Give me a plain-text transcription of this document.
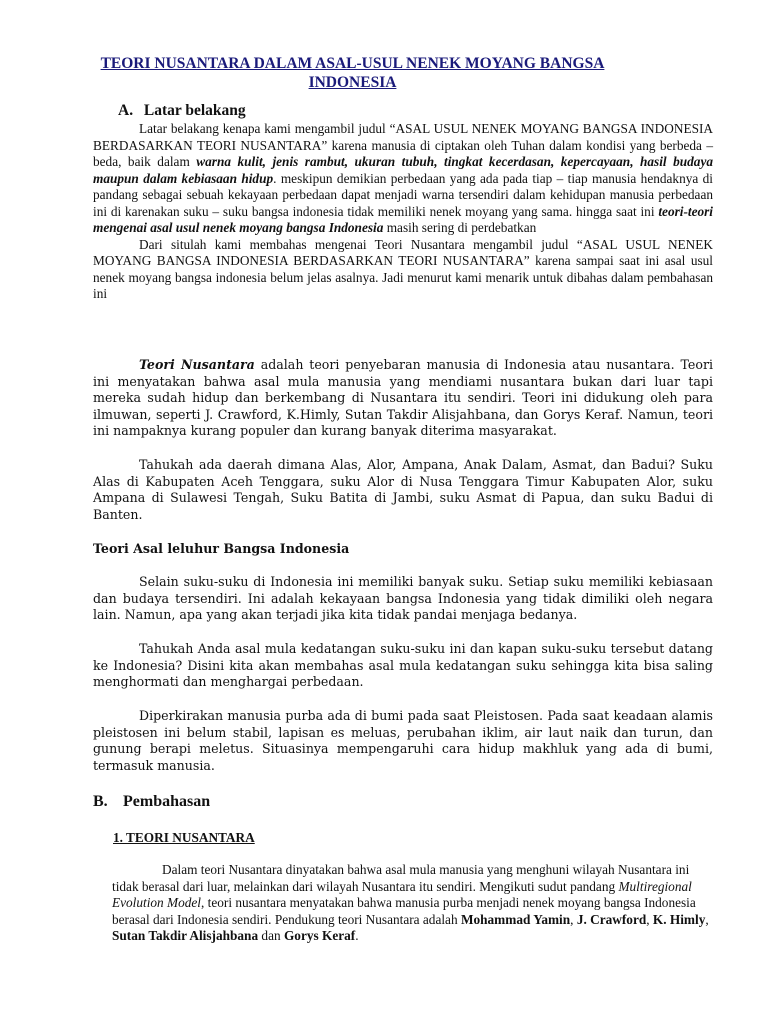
TEORI NUSANTARA DALAM ASAL-USUL NENEK MOYANG BANGSA INDONESIA
A. Latar belakang

Latar belakang kenapa kami mengambil judul “ASAL USUL NENEK MOYANG BANGSA INDONESIA BERDASARKAN TEORI NUSANTARA” karena manusia di ciptakan oleh Tuhan dalam kondisi yang berbeda – beda, baik dalam warna kulit, jenis rambut, ukuran tubuh, tingkat kecerdasan, kepercayaan, hasil budaya maupun dalam kebiasaan hidup. meskipun demikian perbedaan yang ada pada tiap – tiap manusia hendaknya di pandang sebagai sebuah kekayaan perbedaan dapat menjadi warna tersendiri dalam kehidupan manusia perbedaan ini di karenakan suku – suku bangsa indonesia tidak memiliki nenek moyang yang sama. hingga saat ini teori-teori mengenai asal usul nenek moyang bangsa Indonesia masih sering di perdebatkan

Dari situlah kami membahas mengenai Teori Nusantara mengambil judul “ASAL USUL NENEK MOYANG BANGSA INDONESIA BERDASARKAN TEORI NUSANTARA” karena sampai saat ini asal usul nenek moyang bangsa indonesia belum jelas asalnya. Jadi menurut kami menarik untuk dibahas dalam pembahasan ini

Teori Nusantara adalah teori penyebaran manusia di Indonesia atau nusantara. Teori ini menyatakan bahwa asal mula manusia yang mendiami nusantara bukan dari luar tapi mereka sudah hidup dan berkembang di Nusantara itu sendiri. Teori ini didukung oleh para ilmuwan, seperti J. Crawford, K.Himly, Sutan Takdir Alisjahbana, dan Gorys Keraf. Namun, teori ini nampaknya kurang populer dan kurang banyak diterima masyarakat.

Tahukah ada daerah dimana Alas, Alor, Ampana, Anak Dalam, Asmat, dan Badui? Suku Alas di Kabupaten Aceh Tenggara, suku Alor di Nusa Tenggara Timur Kabupaten Alor, suku Ampana di Sulawesi Tengah, Suku Batita di Jambi, suku Asmat di Papua, dan suku Badui di Banten.

Teori Asal leluhur Bangsa Indonesia

Selain suku-suku di Indonesia ini memiliki banyak suku. Setiap suku memiliki kebiasaan dan budaya tersendiri. Ini adalah kekayaan bangsa Indonesia yang tidak dimiliki oleh negara lain. Namun, apa yang akan terjadi jika kita tidak pandai menjaga bedanya.

Tahukah Anda asal mula kedatangan suku-suku ini dan kapan suku-suku tersebut datang ke Indonesia? Disini kita akan membahas asal mula kedatangan suku sehingga kita bisa saling menghormati dan menghargai perbedaan.

Diperkirakan manusia purba ada di bumi pada saat Pleistosen. Pada saat keadaan alamis pleistosen ini belum stabil, lapisan es meluas, perubahan iklim, air laut naik dan turun, dan gunung berapi meletus. Situasinya mempengaruhi cara hidup makhluk yang ada di bumi, termasuk manusia.

B. Pembahasan
1. TEORI NUSANTARA

Dalam teori Nusantara dinyatakan bahwa asal mula manusia yang menghuni wilayah Nusantara ini tidak berasal dari luar, melainkan dari wilayah Nusantara itu sendiri. Mengikuti sudut pandang Multiregional Evolution Model, teori nusantara menyatakan bahwa manusia purba menjadi nenek moyang bangsa Indonesia berasal dari Indonesia sendiri. Pendukung teori Nusantara adalah Mohammad Yamin, J. Crawford, K. Himly, Sutan Takdir Alisjahbana dan Gorys Keraf.
